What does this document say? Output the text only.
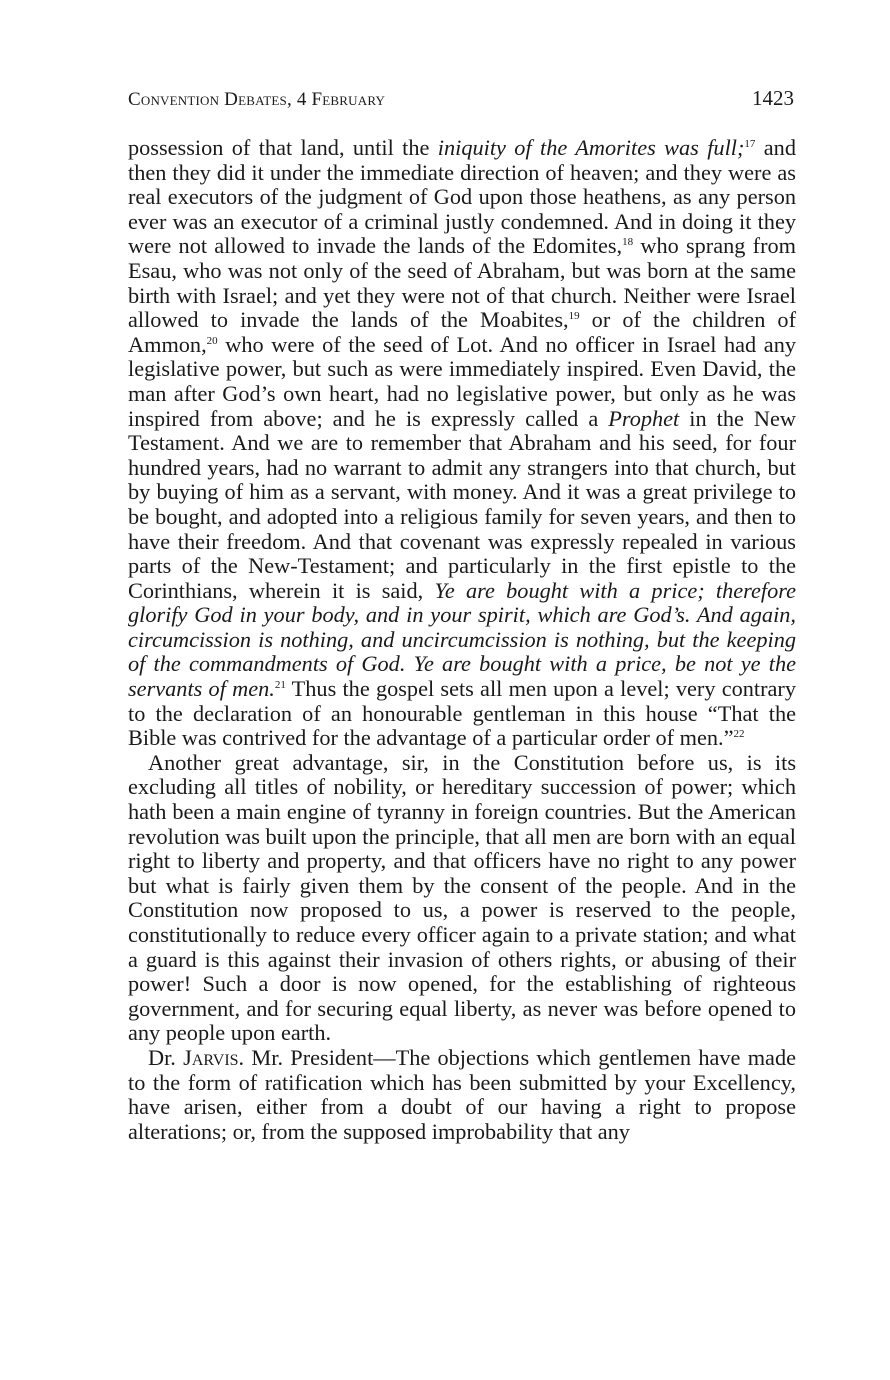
Convention Debates, 4 February	1423

possession of that land, until the iniquity of the Amorites was full;$^{17}$ and then they did it under the immediate direction of heaven; and they were as real executors of the judgment of God upon those heathens, as any person ever was an executor of a criminal justly condemned. And in doing it they were not allowed to invade the lands of the Edomites,$^{18}$ who sprang from Esau, who was not only of the seed of Abraham, but was born at the same birth with Israel; and yet they were not of that church. Neither were Israel allowed to invade the lands of the Moabites,$^{19}$ or of the children of Ammon,$^{20}$ who were of the seed of Lot. And no officer in Israel had any legislative power, but such as were immediately inspired. Even David, the man after God’s own heart, had no legislative power, but only as he was inspired from above; and he is expressly called a Prophet in the New Testament. And we are to remember that Abraham and his seed, for four hundred years, had no warrant to admit any strangers into that church, but by buying of him as a servant, with money. And it was a great privilege to be bought, and adopted into a religious family for seven years, and then to have their freedom. And that covenant was expressly repealed in various parts of the New-Testament; and particularly in the first epistle to the Corinthians, wherein it is said, Ye are bought with a price; therefore glorify God in your body, and in your spirit, which are God’s. And again, circumcission is nothing, and uncircumcission is nothing, but the keeping of the commandments of God. Ye are bought with a price, be not ye the servants of men.$^{21}$ Thus the gospel sets all men upon a level; very contrary to the declaration of an honourable gentleman in this house “That the Bible was contrived for the advantage of a particular order of men.”$^{22}$

Another great advantage, sir, in the Constitution before us, is its excluding all titles of nobility, or hereditary succession of power; which hath been a main engine of tyranny in foreign countries. But the American revolution was built upon the principle, that all men are born with an equal right to liberty and property, and that officers have no right to any power but what is fairly given them by the consent of the people. And in the Constitution now proposed to us, a power is reserved to the people, constitutionally to reduce every officer again to a private station; and what a guard is this against their invasion of others rights, or abusing of their power! Such a door is now opened, for the establishing of righteous government, and for securing equal liberty, as never was before opened to any people upon earth.

Dr. Jarvis. Mr. President—The objections which gentlemen have made to the form of ratification which has been submitted by your Excellency, have arisen, either from a doubt of our having a right to propose alterations; or, from the supposed improbability that any
